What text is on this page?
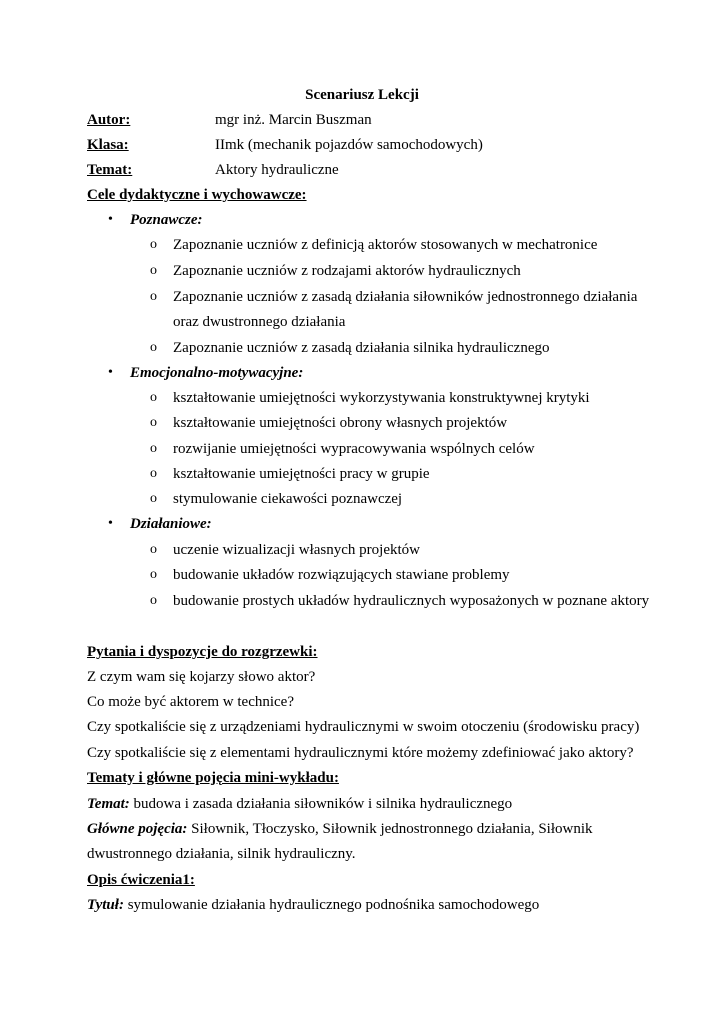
Scenariusz Lekcji
Autor:	mgr inż. Marcin Buszman
Klasa:	IImk (mechanik pojazdów samochodowych)
Temat:	Aktory hydrauliczne
Cele dydaktyczne i wychowawcze:
• Poznawcze:
o Zapoznanie uczniów z definicją aktorów stosowanych w mechatronice
o Zapoznanie uczniów z rodzajami aktorów hydraulicznych
o Zapoznanie uczniów z zasadą działania siłowników jednostronnego działania
oraz dwustronnego działania
o Zapoznanie uczniów z zasadą działania silnika hydraulicznego
• Emocjonalno-motywacyjne:
o kształtowanie umiejętności wykorzystywania konstruktywnej krytyki
o kształtowanie umiejętności obrony własnych projektów
o rozwijanie umiejętności wypracowywania wspólnych celów
o kształtowanie umiejętności pracy w grupie
o stymulowanie ciekawości poznawczej
• Działaniowe:
o uczenie wizualizacji własnych projektów
o budowanie układów rozwiązujących stawiane problemy
o budowanie prostych układów hydraulicznych wyposażonych w poznane aktory
Pytania i dyspozycje do rozgrzewki:
Z czym wam się kojarzy słowo aktor?
Co może być aktorem w technice?
Czy spotkaliście się z urządzeniami hydraulicznymi w swoim otoczeniu (środowisku pracy)
Czy spotkaliście się z elementami hydraulicznymi które możemy zdefiniować jako aktory?
Tematy i główne pojęcia mini-wykładu:
Temat: budowa i zasada działania siłowników i silnika hydraulicznego
Główne pojęcia: Siłownik, Tłoczysko, Siłownik jednostronnego działania, Siłownik
dwustronnego działania, silnik hydrauliczny.
Opis ćwiczenia1:
Tytuł: symulowanie działania hydraulicznego podnośnika samochodowego
